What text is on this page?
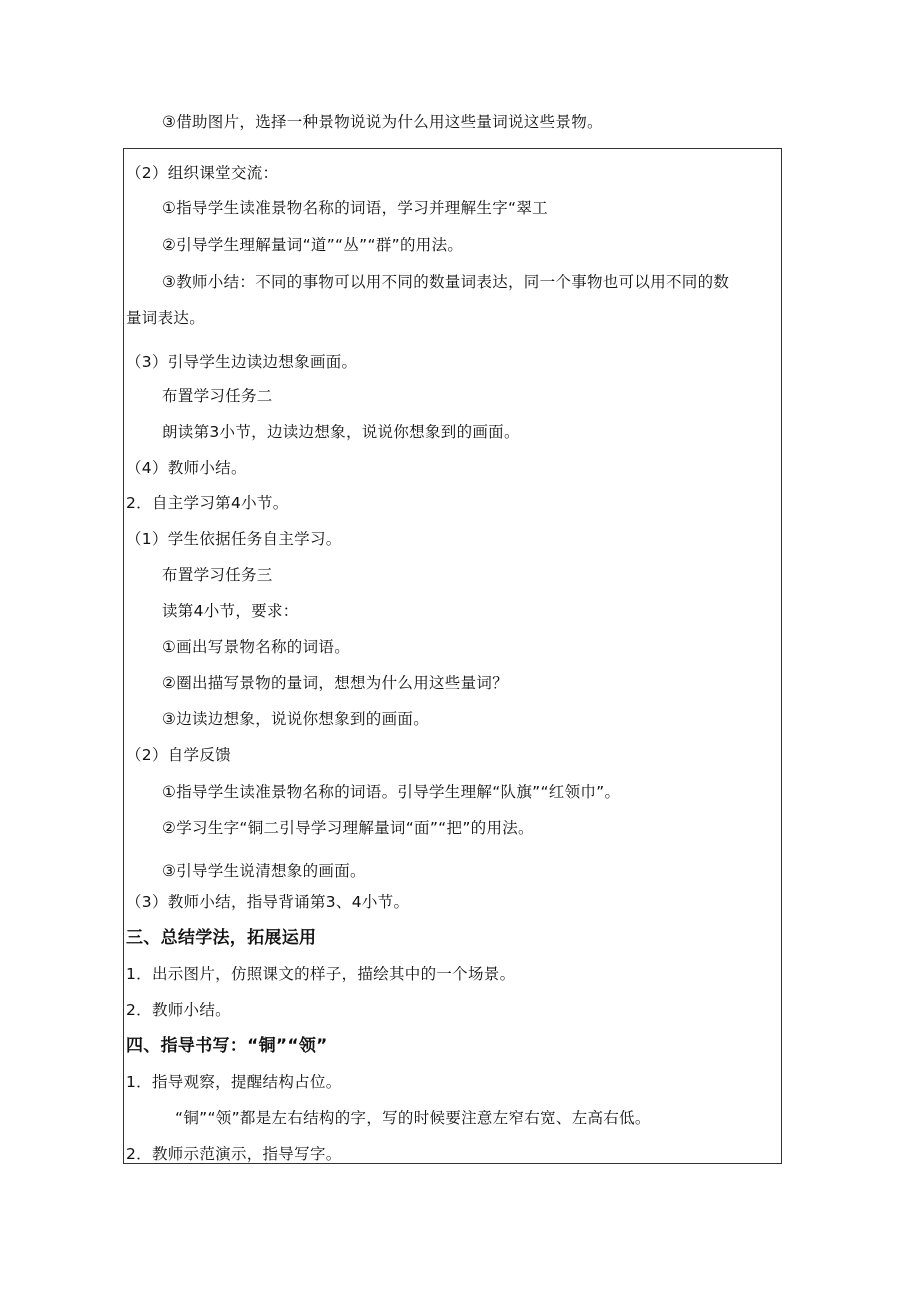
③借助图片，选择一种景物说说为什么用这些量词说这些景物。
（2）组织课堂交流：
①指导学生读准景物名称的词语，学习并理解生字“翠工
②引导学生理解量词“道”“丛”“群”的用法。
③教师小结：不同的事物可以用不同的数量词表达，同一个事物也可以用不同的数
量词表达。
（3）引导学生边读边想象画面。
布置学习任务二
朗读第3小节，边读边想象，说说你想象到的画面。
（4）教师小结。
2．自主学习第4小节。
（1）学生依据任务自主学习。
布置学习任务三
读第4小节，要求：
①画出写景物名称的词语。
②圈出描写景物的量词，想想为什么用这些量词？
③边读边想象，说说你想象到的画面。
（2）自学反馈
①指导学生读准景物名称的词语。引导学生理解“队旗”“红领巾”。
②学习生字“铜二引导学习理解量词“面”“把”的用法。
③引导学生说清想象的画面。
（3）教师小结，指导背诵第3、4小节。
三、总结学法，拓展运用
1．出示图片，仿照课文的样子，描绘其中的一个场景。
2．教师小结。
四、指导书写：“铜”“领”
1．指导观察，提醒结构占位。
“铜”“领”都是左右结构的字，写的时候要注意左窄右宽、左高右低。
2．教师示范演示，指导写字。
